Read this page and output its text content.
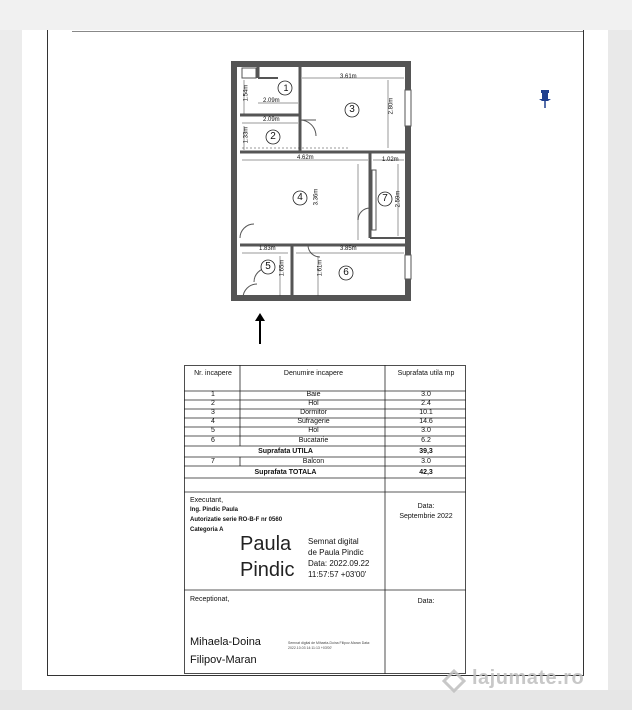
3.61m
2.09m
1.54m
2.80m
2.09m
1.33m
4.62m	1.02m
3.36m	2.59m
1.83m	3.85m
1.65m	1.61m
1
3
2
4	7
5
6
Nr. incapere	Denumire incapere	Suprafata utila mp
1	Baie	3.0
2	Hol	2.4
3	Dormitor	10.1
4	Sufragerie	14.6
5	Hol	3.0
6	Bucatarie	6.2
Suprafata UTILA	39,3
7	Balcon	3.0
Suprafata TOTALA	42,3
Executant,
Ing. Pindic Paula
Autorizatie serie RO-B-F nr 0560
Categoria A
Paula
Pindic
Semnat digital
de Paula Pindic
Data: 2022.09.22
11:57:57 +03'00'
Data:
Septembrie 2022
Receptionat,
Mihaela-Doina
Filipov-Maran
Semnat digital de Mihaela-Doina Filipov-Maran Data: 2022.10.03 14:11:13 +03'00'
Data:
lajumate.ro
